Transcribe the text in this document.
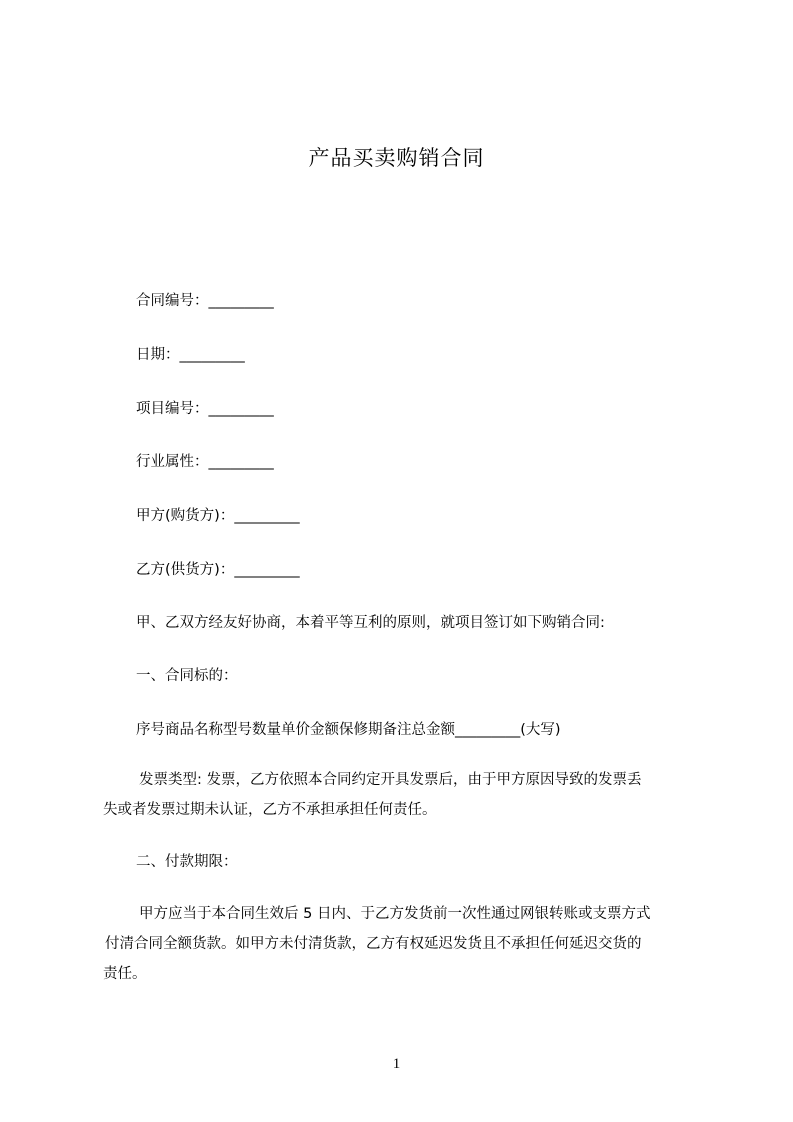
产品买卖购销合同
合同编号：_________
日期：_________
项目编号：_________
行业属性：_________
甲方(购货方)：_________
乙方(供货方)：_________
甲、乙双方经友好协商，本着平等互利的原则，就项目签订如下购销合同:
一、合同标的：
序号商品名称型号数量单价金额保修期备注总金额_________(大写)
发票类型: 发票，乙方依照本合同约定开具发票后，由于甲方原因导致的发票丢
失或者发票过期未认证，乙方不承担承担任何责任。
二、付款期限：
甲方应当于本合同生效后 5 日内、于乙方发货前一次性通过网银转账或支票方式
付清合同全额货款。如甲方未付清货款，乙方有权延迟发货且不承担任何延迟交货的
责任。
1
